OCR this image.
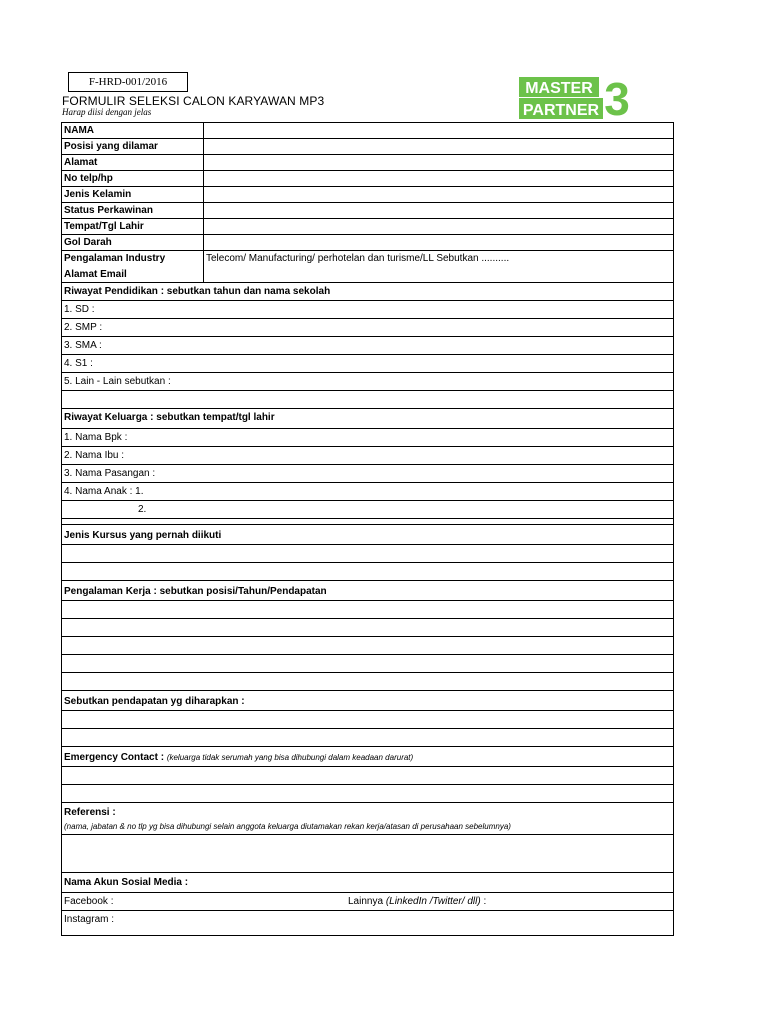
F-HRD-001/2016
FORMULIR SELEKSI CALON KARYAWAN MP3
Harap diisi dengan jelas
MASTER
PARTNER 3
NAMA
Posisi yang dilamar
Alamat
No telp/hp
Jenis Kelamin
Status Perkawinan
Tempat/Tgl Lahir
Gol Darah
Pengalaman Industry
Alamat Email
Telecom/ Manufacturing/ perhotelan dan turisme/LL Sebutkan ..........
Riwayat Pendidikan : sebutkan tahun dan nama sekolah
1. SD :
2. SMP :
3. SMA :
4. S1 :
5. Lain - Lain sebutkan :
Riwayat Keluarga : sebutkan tempat/tgl lahir
1. Nama Bpk :
2. Nama Ibu :
3. Nama Pasangan :
4. Nama Anak : 1.
2.
Jenis Kursus yang pernah diikuti
Pengalaman Kerja : sebutkan posisi/Tahun/Pendapatan
Sebutkan pendapatan yg diharapkan :
Emergency Contact : (keluarga tidak serumah yang bisa dihubungi dalam keadaan darurat)
Referensi :
(nama, jabatan & no tlp yg bisa dihubungi selain anggota keluarga diutamakan rekan kerja/atasan di perusahaan sebelumnya)
Nama Akun Sosial Media :
Facebook :	Lainnya (LinkedIn /Twitter/ dll) :
Instagram :
